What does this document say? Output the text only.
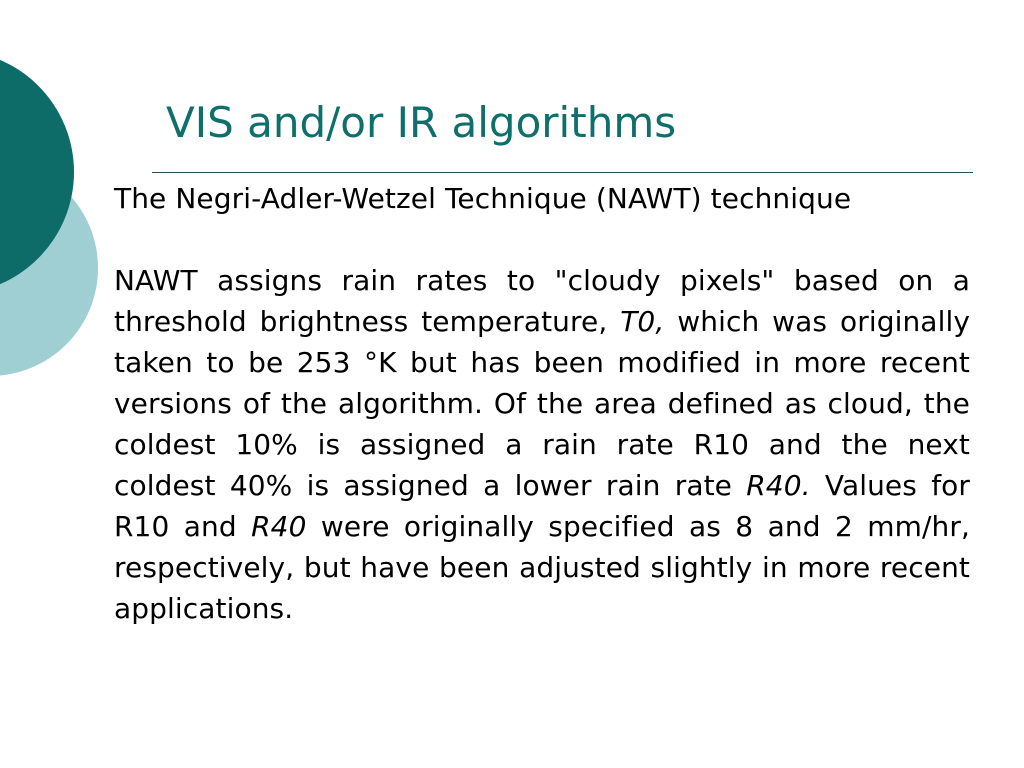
VIS and/or IR algorithms

The Negri-Adler-Wetzel Technique (NAWT) technique

NAWT assigns rain rates to "cloudy pixels" based on a threshold brightness temperature, T0, which was originally taken to be 253 °K but has been modified in more recent versions of the algorithm. Of the area defined as cloud, the coldest 10% is assigned a rain rate R10 and the next coldest 40% is assigned a lower rain rate R40. Values for R10 and R40 were originally specified as 8 and 2 mm/hr, respectively, but have been adjusted slightly in more recent applications.
